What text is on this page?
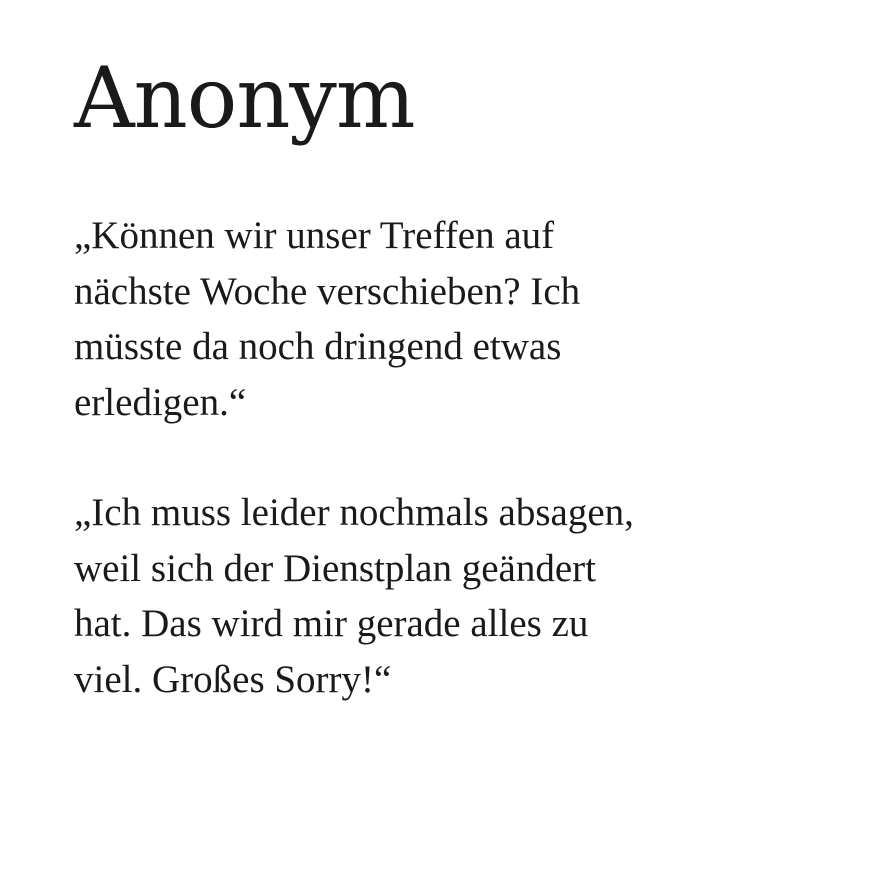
Anonym

„Können wir unser Treffen auf
nächste Woche verschieben? Ich
müsste da noch dringend etwas
erledigen.“

„Ich muss leider nochmals absagen,
weil sich der Dienstplan geändert
hat. Das wird mir gerade alles zu
viel. Großes Sorry!“
